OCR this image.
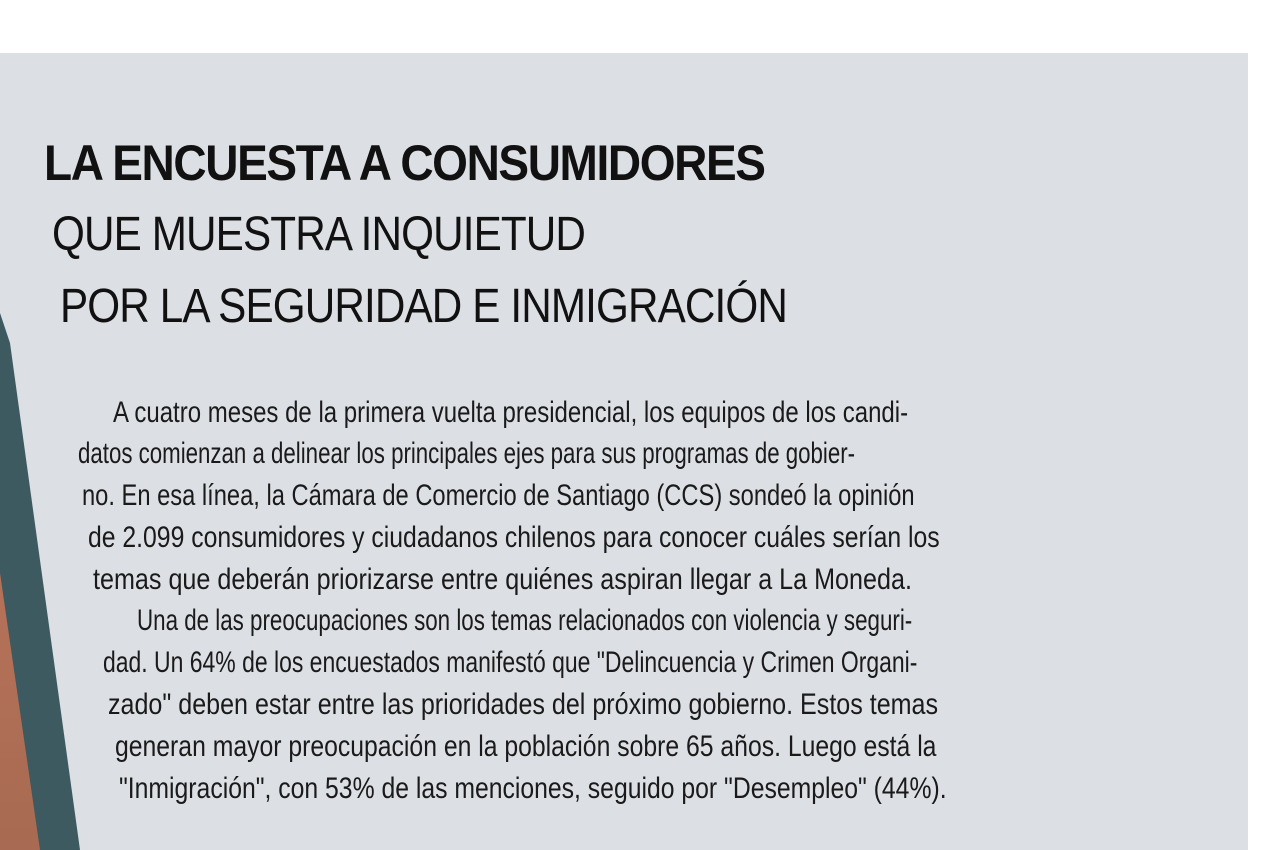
LA ENCUESTA A CONSUMIDORES
QUE MUESTRA INQUIETUD
POR LA SEGURIDAD E INMIGRACIÓN

A cuatro meses de la primera vuelta presidencial, los equipos de los candi-

datos comienzan a delinear los principales ejes para sus programas de gobier-

no. En esa línea, la Cámara de Comercio de Santiago (CCS) sondeó la opinión

de 2.099 consumidores y ciudadanos chilenos para conocer cuáles serían los

temas que deberán priorizarse entre quiénes aspiran llegar a La Moneda.

Una de las preocupaciones son los temas relacionados con violencia y seguri-

dad. Un 64% de los encuestados manifestó que "Delincuencia y Crimen Organi-

zado" deben estar entre las prioridades del próximo gobierno. Estos temas

generan mayor preocupación en la población sobre 65 años. Luego está la

"Inmigración", con 53% de las menciones, seguido por "Desempleo" (44%).
